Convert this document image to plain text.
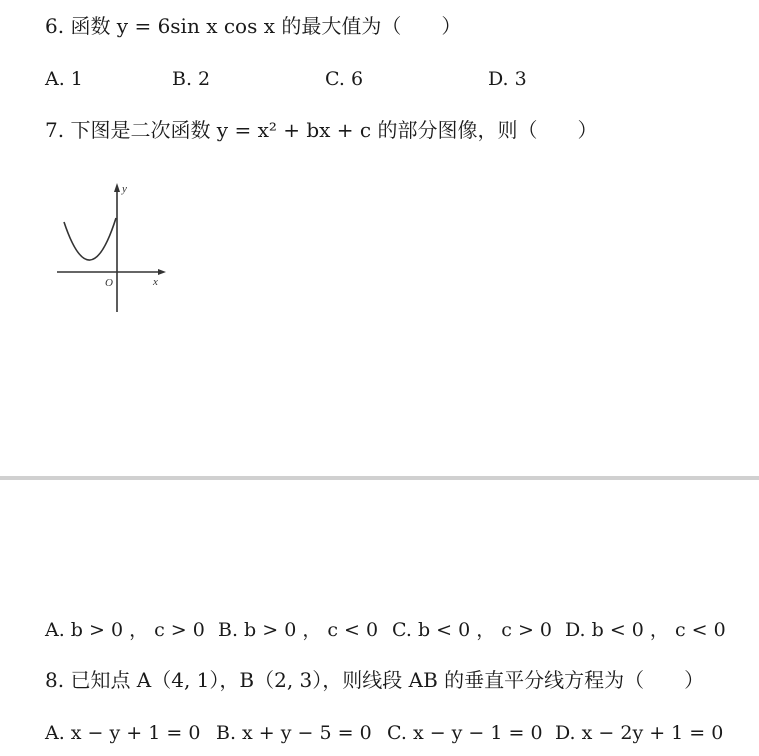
6. 函数 y = 6sin x cos x 的最大值为（　　）
A. 1	B. 2	C. 6	D. 3
7. 下图是二次函数 y = x² + bx + c 的部分图像，则（　　）
y
x
O
A. b > 0 ， c > 0 B. b > 0 ， c < 0 C. b < 0 ， c > 0 D. b < 0 ， c < 0
8. 已知点 A（4, 1），B（2, 3），则线段 AB 的垂直平分线方程为（　　）
A. x − y + 1 = 0 B. x + y − 5 = 0 C. x − y − 1 = 0 D. x − 2y + 1 = 0
